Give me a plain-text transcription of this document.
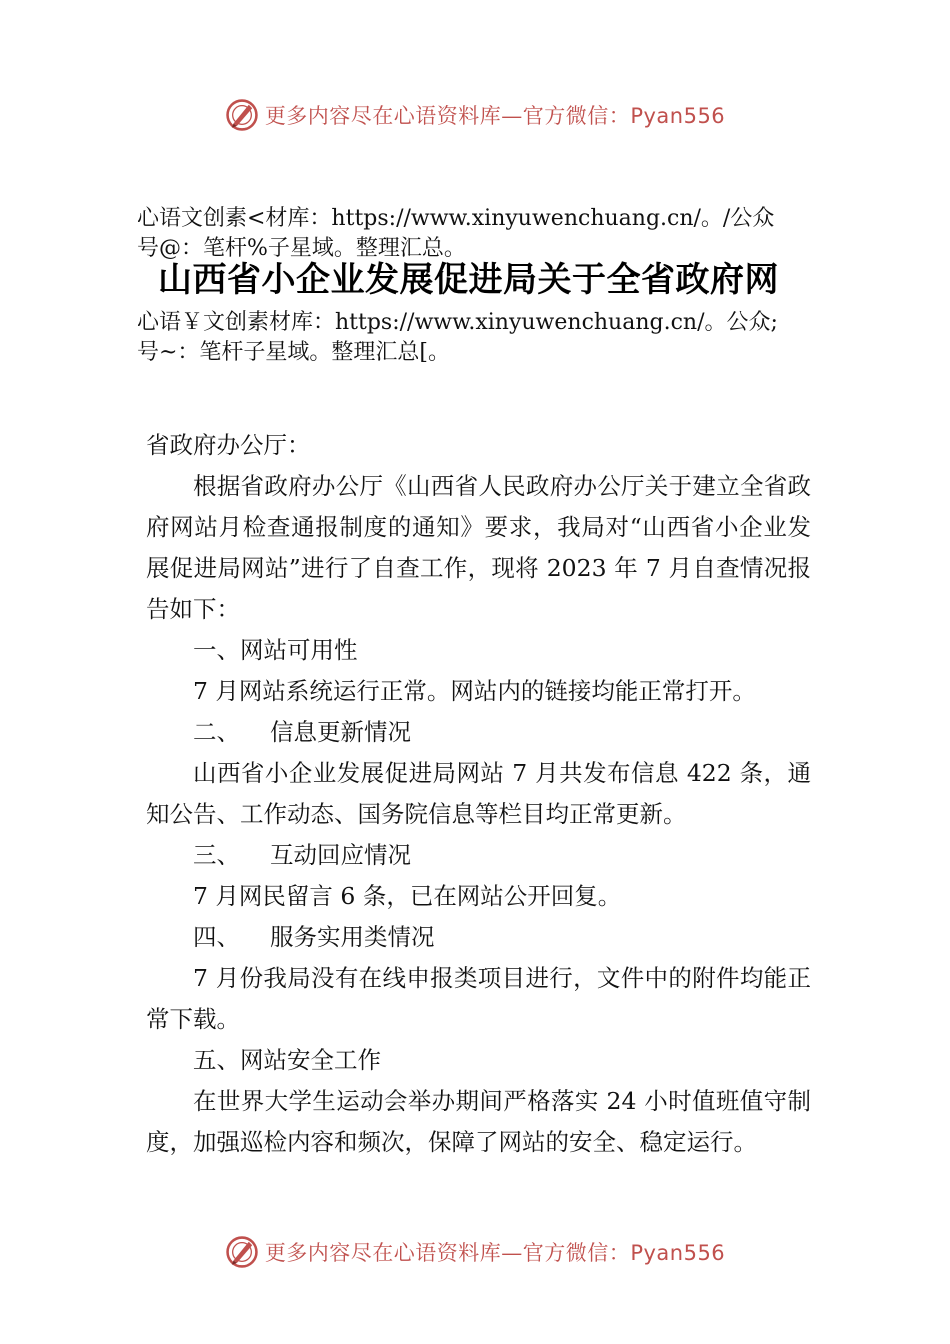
更多内容尽在心语资料库—官方微信：Pyan556
心语文创素<材库：https://www.xinyuwenchuang.cn/。/公众
号@：笔杆%子星域。整理汇总。
山西省小企业发展促进局关于全省政府网
心语￥文创素材库：https://www.xinyuwenchuang.cn/。公众;
号~：笔杆子星域。整理汇总[。

省政府办公厅：

根据省政府办公厅《山西省人民政府办公厅关于建立全省政府网站月检查通报制度的通知》要求，我局对“山西省小企业发展促进局网站”进行了自查工作，现将 2023 年 7 月自查情况报告如下：

一、网站可用性

7 月网站系统运行正常。网站内的链接均能正常打开。

二、 信息更新情况

山西省小企业发展促进局网站 7 月共发布信息 422 条，通知公告、工作动态、国务院信息等栏目均正常更新。

三、 互动回应情况

7 月网民留言 6 条，已在网站公开回复。

四、 服务实用类情况

7 月份我局没有在线申报类项目进行，文件中的附件均能正常下载。

五、网站安全工作

在世界大学生运动会举办期间严格落实 24 小时值班值守制度，加强巡检内容和频次，保障了网站的安全、稳定运行。

更多内容尽在心语资料库—官方微信：Pyan556
